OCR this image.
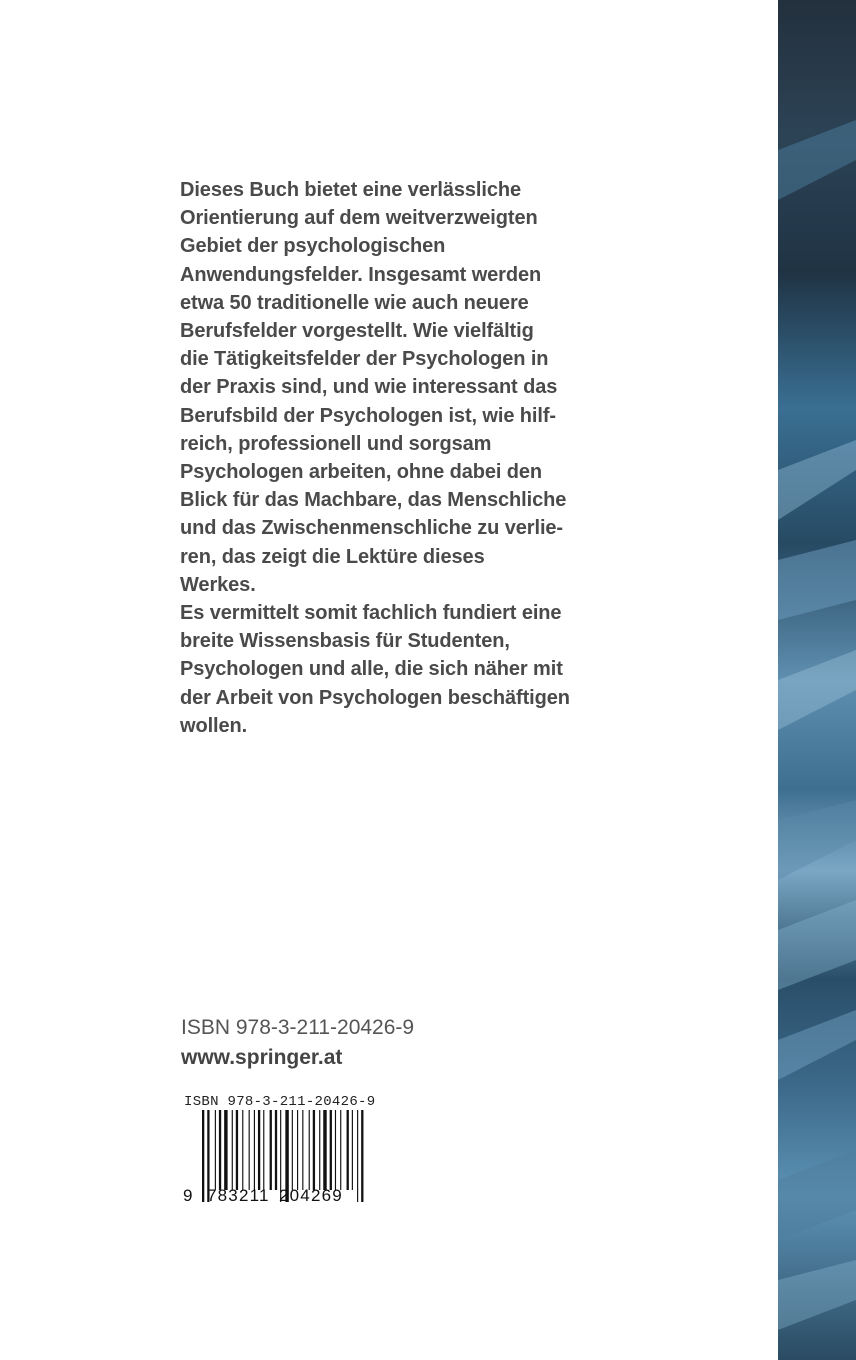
Dieses Buch bietet eine verlässliche
Orientierung auf dem weitverzweigten
Gebiet der psychologischen
Anwendungsfelder. Insgesamt werden
etwa 50 traditionelle wie auch neuere
Berufsfelder vorgestellt. Wie vielfältig
die Tätigkeitsfelder der Psychologen in
der Praxis sind, und wie interessant das
Berufsbild der Psychologen ist, wie hilf-
reich, professionell und sorgsam
Psychologen arbeiten, ohne dabei den
Blick für das Machbare, das Menschliche
und das Zwischenmenschliche zu verlie-
ren, das zeigt die Lektüre dieses
Werkes.
Es vermittelt somit fachlich fundiert eine
breite Wissensbasis für Studenten,
Psychologen und alle, die sich näher mit
der Arbeit von Psychologen beschäftigen
wollen.
ISBN 978-3-211-20426-9
www.springer.at
ISBN 978-3-211-20426-9
9 783211 204269
